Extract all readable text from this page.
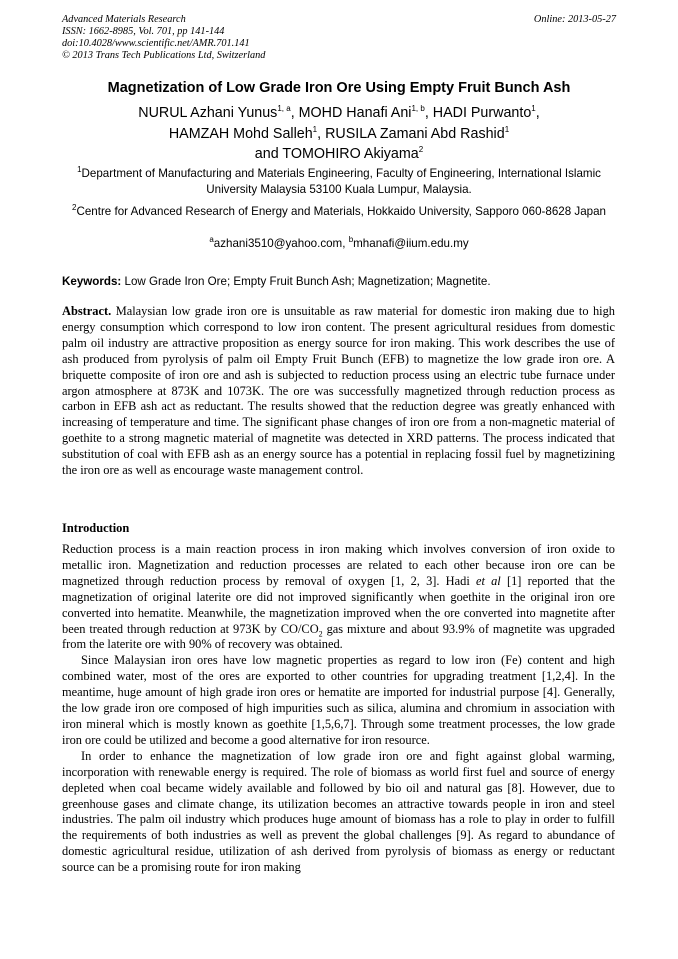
Advanced Materials Research
ISSN: 1662-8985, Vol. 701, pp 141-144
doi:10.4028/www.scientific.net/AMR.701.141
© 2013 Trans Tech Publications Ltd, Switzerland
Online: 2013-05-27
Magnetization of Low Grade Iron Ore Using Empty Fruit Bunch Ash
NURUL Azhani Yunus$^{1, a}$, MOHD Hanafi Ani$^{1, b}$, HADI Purwanto$^1$,
HAMZAH Mohd Salleh$^1$, RUSILA Zamani Abd Rashid$^1$
and TOMOHIRO Akiyama$^2$
$^1$Department of Manufacturing and Materials Engineering, Faculty of Engineering, International Islamic University Malaysia 53100 Kuala Lumpur, Malaysia.
$^2$Centre for Advanced Research of Energy and Materials, Hokkaido University, Sapporo 060-8628 Japan
$^a$azhani3510@yahoo.com, $^b$mhanafi@iium.edu.my
Keywords: Low Grade Iron Ore; Empty Fruit Bunch Ash; Magnetization; Magnetite.

Abstract. Malaysian low grade iron ore is unsuitable as raw material for domestic iron making due to high energy consumption which correspond to low iron content. The present agricultural residues from domestic palm oil industry are attractive proposition as energy source for iron making. This work describes the use of ash produced from pyrolysis of palm oil Empty Fruit Bunch (EFB) to magnetize the low grade iron ore. A briquette composite of iron ore and ash is subjected to reduction process using an electric tube furnace under argon atmosphere at 873K and 1073K. The ore was successfully magnetized through reduction process as carbon in EFB ash act as reductant. The results showed that the reduction degree was greatly enhanced with increasing of temperature and time. The significant phase changes of iron ore from a non-magnetic material of goethite to a strong magnetic material of magnetite was detected in XRD patterns. The process indicated that substitution of coal with EFB ash as an energy source has a potential in replacing fossil fuel by magnetizining the iron ore as well as encourage waste management control.

Introduction

Reduction process is a main reaction process in iron making which involves conversion of iron oxide to metallic iron. Magnetization and reduction processes are related to each other because iron ore can be magnetized through reduction process by removal of oxygen [1, 2, 3]. Hadi et al [1] reported that the magnetization of original laterite ore did not improved significantly when goethite in the original iron ore converted into hematite. Meanwhile, the magnetization improved when the ore converted into magnetite after been treated through reduction at 973K by $CO/CO_2$ gas mixture and about 93.9% of magnetite was upgraded from the laterite ore with 90% of recovery was obtained.

Since Malaysian iron ores have low magnetic properties as regard to low iron (Fe) content and high combined water, most of the ores are exported to other countries for upgrading treatment [1,2,4]. In the meantime, huge amount of high grade iron ores or hematite are imported for industrial purpose [4]. Generally, the low grade iron ore composed of high impurities such as silica, alumina and chromium in association with iron mineral which is mostly known as goethite [1,5,6,7]. Through some treatment processes, the low grade iron ore could be utilized and become a good alternative for iron resource.

In order to enhance the magnetization of low grade iron ore and fight against global warming, incorporation with renewable energy is required. The role of biomass as world first fuel and source of energy depleted when coal became widely available and followed by bio oil and natural gas [8]. However, due to greenhouse gases and climate change, its utilization becomes an attractive towards people in iron and steel industries. The palm oil industry which produces huge amount of biomass has a role to play in order to fulfill the requirements of both industries as well as prevent the global challenges [9]. As regard to abundance of domestic agricultural residue, utilization of ash derived from pyrolysis of biomass as energy or reductant source can be a promising route for iron making
